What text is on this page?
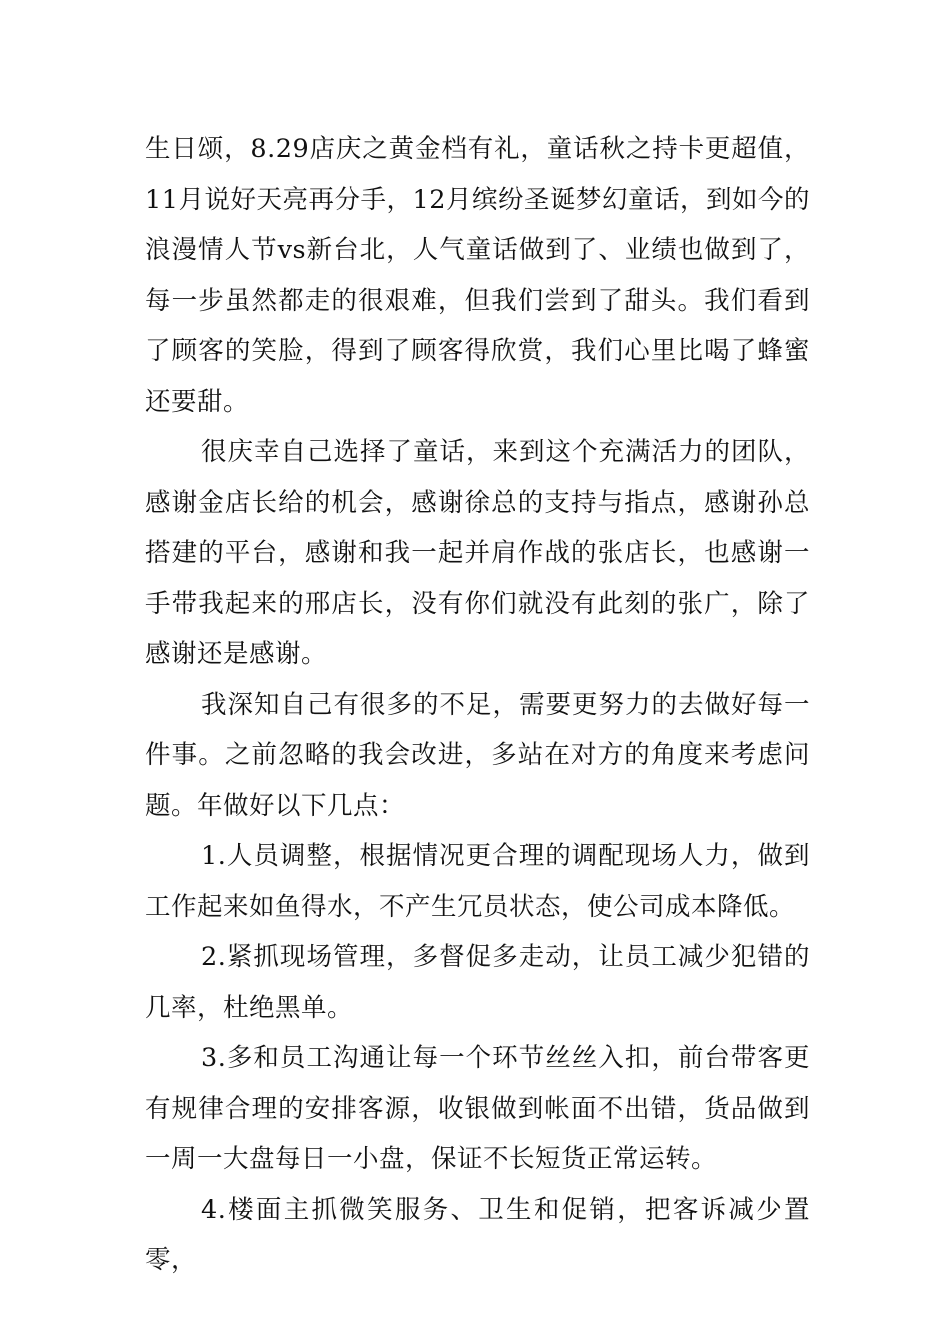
生日颂，8.29店庆之黄金档有礼，童话秋之持卡更超值，11月说好天亮再分手，12月缤纷圣诞梦幻童话，到如今的浪漫情人节vs新台北，人气童话做到了、业绩也做到了，每一步虽然都走的很艰难，但我们尝到了甜头。我们看到了顾客的笑脸，得到了顾客得欣赏，我们心里比喝了蜂蜜还要甜。

很庆幸自己选择了童话，来到这个充满活力的团队，感谢金店长给的机会，感谢徐总的支持与指点，感谢孙总搭建的平台，感谢和我一起并肩作战的张店长，也感谢一手带我起来的邢店长，没有你们就没有此刻的张广，除了感谢还是感谢。

我深知自己有很多的不足，需要更努力的去做好每一件事。之前忽略的我会改进，多站在对方的角度来考虑问题。年做好以下几点：

1.人员调整，根据情况更合理的调配现场人力，做到工作起来如鱼得水，不产生冗员状态，使公司成本降低。

2.紧抓现场管理，多督促多走动，让员工减少犯错的几率，杜绝黑单。

3.多和员工沟通让每一个环节丝丝入扣，前台带客更有规律合理的安排客源，收银做到帐面不出错，货品做到一周一大盘每日一小盘，保证不长短货正常运转。

4.楼面主抓微笑服务、卫生和促销，把客诉减少置零，
